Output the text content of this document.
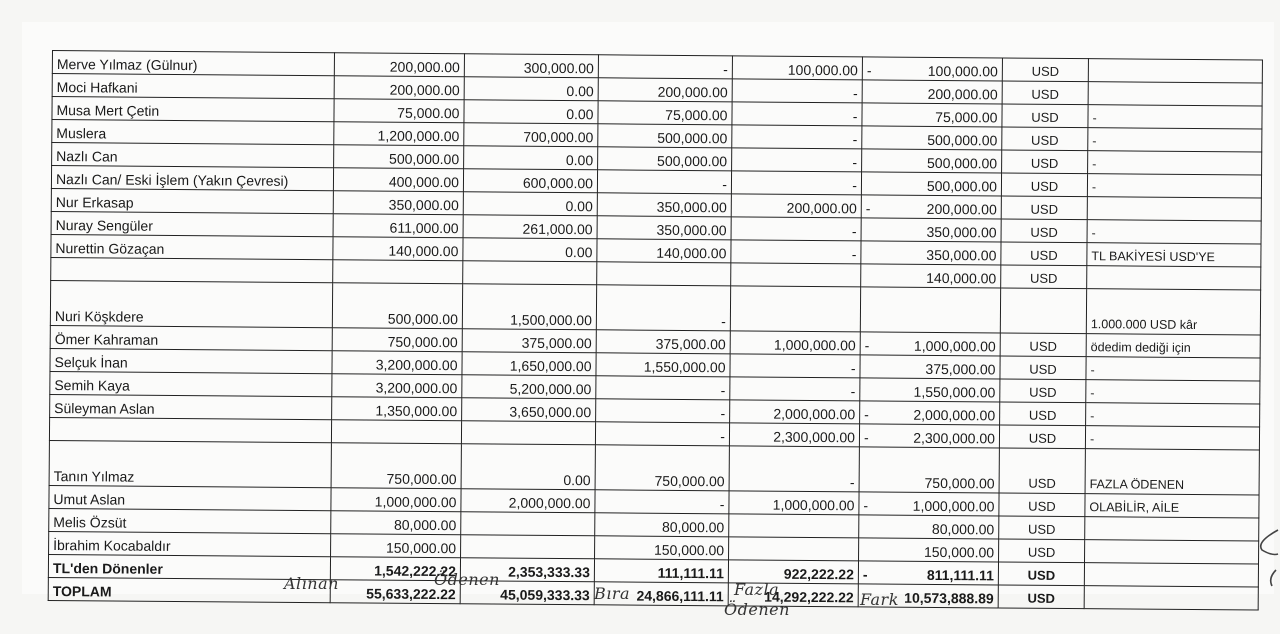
Merve Yılmaz (Gülnur)	200,000.00	300,000.00	-	100,000.00	- 100,000.00	USD	
Moci Hafkani	200,000.00	0.00	200,000.00	-	200,000.00	USD	
Musa Mert Çetin	75,000.00	0.00	75,000.00	-	75,000.00	USD	-
Muslera	1,200,000.00	700,000.00	500,000.00	-	500,000.00	USD	-
Nazlı Can	500,000.00	0.00	500,000.00	-	500,000.00	USD	-
Nazlı Can/ Eski İşlem (Yakın Çevresi)	400,000.00	600,000.00	-	-	500,000.00	USD	-
Nur Erkasap	350,000.00	0.00	350,000.00	200,000.00	- 200,000.00	USD	
Nuray Sengüler	611,000.00	261,000.00	350,000.00	-	350,000.00	USD	-
Nurettin Gözaçan	140,000.00	0.00	140,000.00	-	350,000.00	USD	TL BAKİYESİ USD'YE
					140,000.00	USD	
Nuri Köşkdere	500,000.00	1,500,000.00	-				1.000.000 USD kâr
Ömer Kahraman	750,000.00	375,000.00	375,000.00	1,000,000.00	- 1,000,000.00	USD	ödedim dediği için
Selçuk İnan	3,200,000.00	1,650,000.00	1,550,000.00	-	375,000.00	USD	-
Semih Kaya	3,200,000.00	5,200,000.00	-	-	1,550,000.00	USD	-
Süleyman Aslan	1,350,000.00	3,650,000.00	-	2,000,000.00	- 2,000,000.00	USD	-
			-	2,300,000.00	- 2,300,000.00	USD	-
Tanın Yılmaz	750,000.00	0.00	750,000.00	-	750,000.00	USD	FAZLA ÖDENEN
Umut Aslan	1,000,000.00	2,000,000.00	-	1,000,000.00	- 1,000,000.00	USD	OLABİLİR, AİLE
Melis Özsüt	80,000.00		80,000.00		80,000.00	USD	
İbrahim Kocabaldır	150,000.00		150,000.00		150,000.00	USD	
TL'den Dönenler	1,542,222.22	2,353,333.33	111,111.11	922,222.22	- 811,111.11	USD	
TOPLAM	55,633,222.22	45,059,333.33	24,866,111.11	14,292,222.22	10,573,888.89	USD	
Alınan	Ödenen
Bıra	Fazla
Ödenen
Fark
